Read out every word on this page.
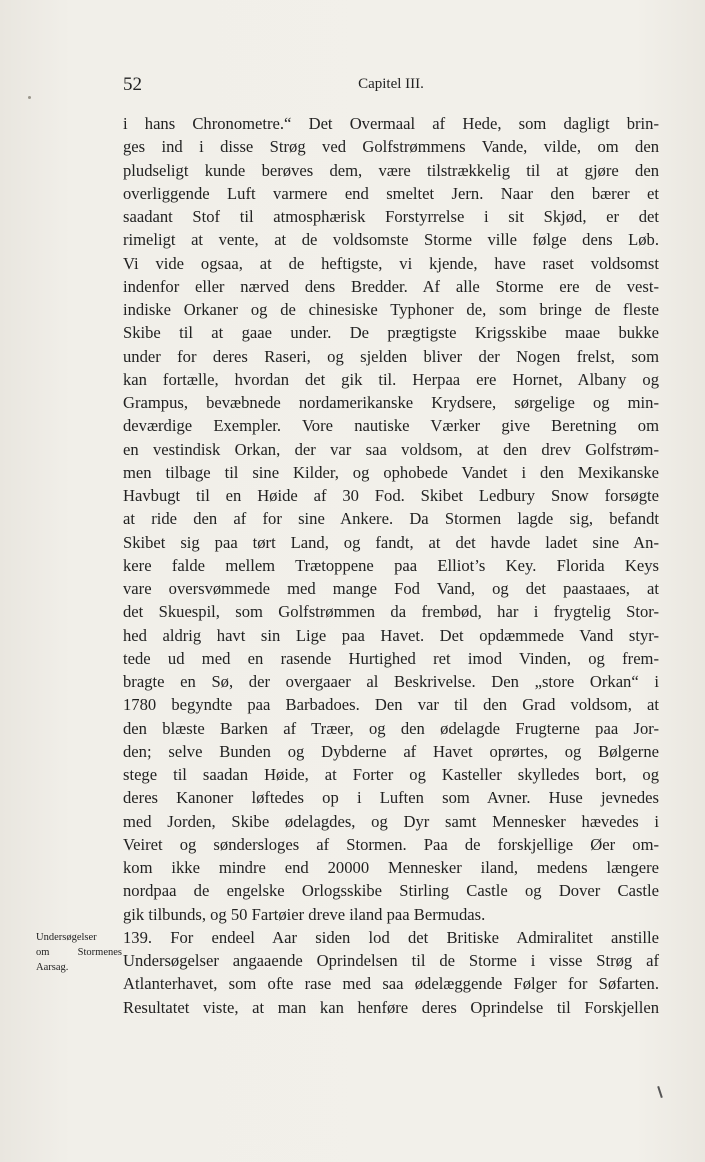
52	Capitel III.
i hans Chronometre.“ Det Overmaal af Hede, som dagligt brin-
ges ind i disse Strøg ved Golfstrømmens Vande, vilde, om den
pludseligt kunde berøves dem, være tilstrækkelig til at gjøre den
overliggende Luft varmere end smeltet Jern. Naar den bærer et
saadant Stof til atmosphærisk Forstyrrelse i sit Skjød, er det
rimeligt at vente, at de voldsomste Storme ville følge dens Løb.
Vi vide ogsaa, at de heftigste, vi kjende, have raset voldsomst
indenfor eller nærved dens Bredder. Af alle Storme ere de vest-
indiske Orkaner og de chinesiske Typhoner de, som bringe de fleste
Skibe til at gaae under. De prægtigste Krigsskibe maae bukke
under for deres Raseri, og sjelden bliver der Nogen frelst, som
kan fortælle, hvordan det gik til. Herpaa ere Hornet, Albany og
Grampus, bevæbnede nordamerikanske Krydsere, sørgelige og min-
deværdige Exempler. Vore nautiske Værker give Beretning om
en vestindisk Orkan, der var saa voldsom, at den drev Golfstrøm-
men tilbage til sine Kilder, og ophobede Vandet i den Mexikanske
Havbugt til en Høide af 30 Fod. Skibet Ledbury Snow forsøgte
at ride den af for sine Ankere. Da Stormen lagde sig, befandt
Skibet sig paa tørt Land, og fandt, at det havde ladet sine An-
kere falde mellem Trætoppene paa Elliot’s Key. Florida Keys
vare oversvømmede med mange Fod Vand, og det paastaaes, at
det Skuespil, som Golfstrømmen da frembød, har i frygtelig Stor-
hed aldrig havt sin Lige paa Havet. Det opdæmmede Vand styr-
tede ud med en rasende Hurtighed ret imod Vinden, og frem-
bragte en Sø, der overgaaer al Beskrivelse. Den „store Orkan“ i
1780 begyndte paa Barbadoes. Den var til den Grad voldsom, at
den blæste Barken af Træer, og den ødelagde Frugterne paa Jor-
den; selve Bunden og Dybderne af Havet oprørtes, og Bølgerne
stege til saadan Høide, at Forter og Kasteller skylledes bort, og
deres Kanoner løftedes op i Luften som Avner. Huse jevnedes
med Jorden, Skibe ødelagdes, og Dyr samt Mennesker hævedes i
Veiret og søndersloges af Stormen. Paa de forskjellige Øer om-
kom ikke mindre end 20000 Mennesker iland, medens længere
nordpaa de engelske Orlogsskibe Stirling Castle og Dover Castle
gik tilbunds, og 50 Fartøier dreve iland paa Bermudas.
139. For endeel Aar siden lod det Britiske Admiralitet anstille
Undersøgelser angaaende Oprindelsen til de Storme i visse Strøg af
Atlanterhavet, som ofte rase med saa ødelæggende Følger for Søfarten.
Resultatet viste, at man kan henføre deres Oprindelse til Forskjellen
Undersøgelser
om Stormenes
Aarsag.
